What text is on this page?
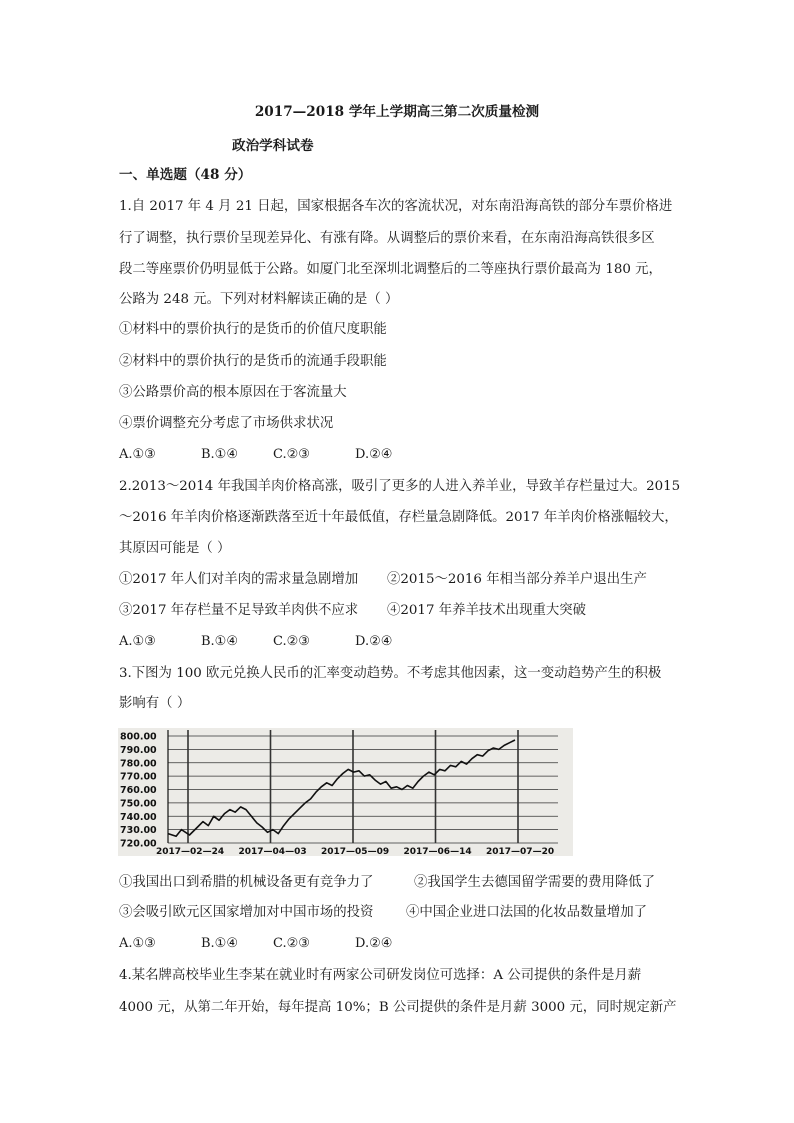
2017—2018 学年上学期高三第二次质量检测
政治学科试卷
一、单选题（48 分）
1.自 2017 年 4 月 21 日起，国家根据各车次的客流状况，对东南沿海高铁的部分车票价格进
行了调整，执行票价呈现差异化、有涨有降。从调整后的票价来看，在东南沿海高铁很多区
段二等座票价仍明显低于公路。如厦门北至深圳北调整后的二等座执行票价最高为 180 元，
公路为 248 元。下列对材料解读正确的是（ ）
①材料中的票价执行的是货币的价值尺度职能
②材料中的票价执行的是货币的流通手段职能
③公路票价高的根本原因在于客流量大
④票价调整充分考虑了市场供求状况
A.①③	B.①④	C.②③	D.②④
2.2013～2014 年我国羊肉价格高涨，吸引了更多的人进入养羊业，导致羊存栏量过大。2015
～2016 年羊肉价格逐渐跌落至近十年最低值，存栏量急剧降低。2017 年羊肉价格涨幅较大，
其原因可能是（ ）
①2017 年人们对羊肉的需求量急剧增加 ②2015～2016 年相当部分养羊户退出生产
③2017 年存栏量不足导致羊肉供不应求 ④2017 年养羊技术出现重大突破
A.①③	B.①④	C.②③	D.②④
3.下图为 100 欧元兑换人民币的汇率变动趋势。不考虑其他因素，这一变动趋势产生的积极
影响有（ ）
800.00
790.00
780.00
770.00
760.00
750.00
740.00
730.00
720.00
2017—02—24 2017—04—03 2017—05—09 2017—06—14 2017—07—20
①我国出口到希腊的机械设备更有竞争力了	②我国学生去德国留学需要的费用降低了
③会吸引欧元区国家增加对中国市场的投资 ④中国企业进口法国的化妆品数量增加了
A.①③	B.①④	C.②③	D.②④
4.某名牌高校毕业生李某在就业时有两家公司研发岗位可选择：A 公司提供的条件是月薪
4000 元，从第二年开始，每年提高 10%；B 公司提供的条件是月薪 3000 元，同时规定新产
